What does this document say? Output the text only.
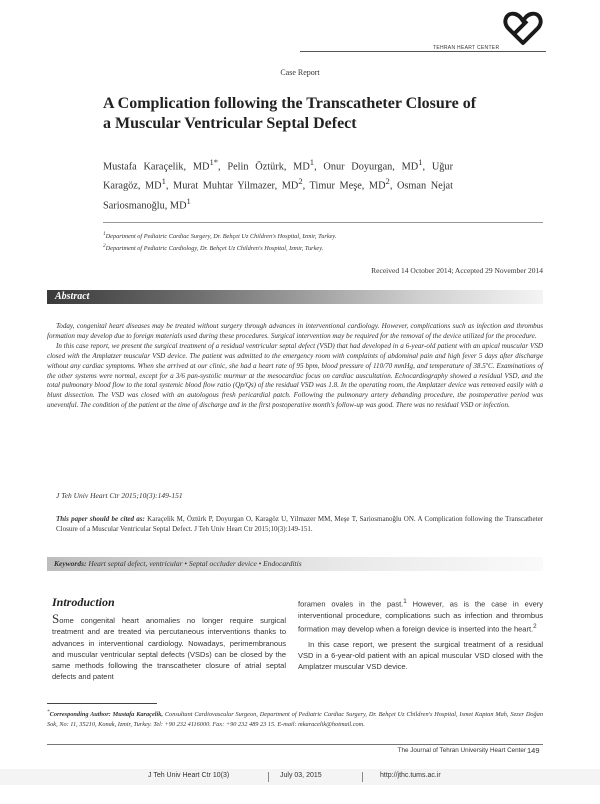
TEHRAN HEART CENTER
Case Report
A Complication following the Transcatheter Closure of
a Muscular Ventricular Septal Defect
Mustafa Karaçelik, $MD^{1*}$, Pelin Öztürk, $MD^1$, Onur Doyurgan, $MD^1$, Uğur Karagöz, $MD^1$, Murat Muhtar Yilmazer, $MD^2$, Timur Meşe, $MD^2$, Osman Nejat Sariosmanoğlu, $MD^1$
$^1$Department of Pediatric Cardiac Surgery, Dr. Behçet Uz Children's Hospital, Izmir, Turkey.
$^2$Department of Pediatric Cardiology, Dr. Behçet Uz Children's Hospital, Izmir, Turkey.
Received 14 October 2014; Accepted 29 November 2014
Abstract

Today, congenital heart diseases may be treated without surgery through advances in interventional cardiology. However, complications such as infection and thrombus formation may develop due to foreign materials used during these procedures. Surgical intervention may be required for the removal of the device utilized for the procedure.

In this case report, we present the surgical treatment of a residual ventricular septal defect (VSD) that had developed in a 6-year-old patient with an apical muscular VSD closed with the Amplatzer muscular VSD device. The patient was admitted to the emergency room with complaints of abdominal pain and high fever 5 days after discharge without any cardiac symptoms. When she arrived at our clinic, she had a heart rate of 95 bpm, blood pressure of 110/70 mmHg, and temperature of 38.5ºC. Examinations of the other systems were normal, except for a 3/6 pan-systolic murmur at the mesocardiac focus on cardiac auscultation. Echocardiography showed a residual VSD, and the total pulmonary blood flow to the total systemic blood flow ratio (Qp/Qs) of the residual VSD was 1.8. In the operating room, the Amplatzer device was removed easily with a blunt dissection. The VSD was closed with an autologous fresh pericardial patch. Following the pulmonary artery debanding procedure, the postoperative period was uneventful. The condition of the patient at the time of discharge and in the first postoperative month's follow-up was good. There was no residual VSD or infection.

J Teh Univ Heart Ctr 2015;10(3):149-151
This paper should be cited as: Karaçelik M, Öztürk P, Doyurgan O, Karagöz U, Yilmazer MM, Meşe T, Sariosmanoğlu ON. A Complication following the Transcatheter Closure of a Muscular Ventricular Septal Defect. J Teh Univ Heart Ctr 2015;10(3):149-151.
Keywords: Heart septal defect, ventricular • Septal occluder device • Endocarditis
Introduction

Some congenital heart anomalies no longer require surgical treatment and are treated via percutaneous interventions thanks to advances in interventional cardiology. Nowadays, perimembranous and muscular ventricular septal defects (VSDs) can be closed by the same methods following the transcatheter closure of atrial septal defects and patent

foramen ovales in the past.$^1$ However, as is the case in every interventional procedure, complications such as infection and thrombus formation may develop when a foreign device is inserted into the heart.$^2$

In this case report, we present the surgical treatment of a residual VSD in a 6-year-old patient with an apical muscular VSD closed with the Amplatzer muscular VSD device.

*Corresponding Author: Mustafa Karaçelik, Consultant Cardiovascular Surgeon, Department of Pediatric Cardiac Surgery, Dr. Behçet Uz Children's Hospital, Ismet Kaptan Mah, Sezer Doğan Sok, No: 11, 35210, Konak, Izmir, Turkey. Tel: +90 232 4116000. Fax: +90 232 489 23 15. E-mail: mkaracelik@hotmail.com.
The Journal of Tehran University Heart Center 149
J Teh Univ Heart Ctr 10(3)	July 03, 2015	http://jthc.tums.ac.ir
